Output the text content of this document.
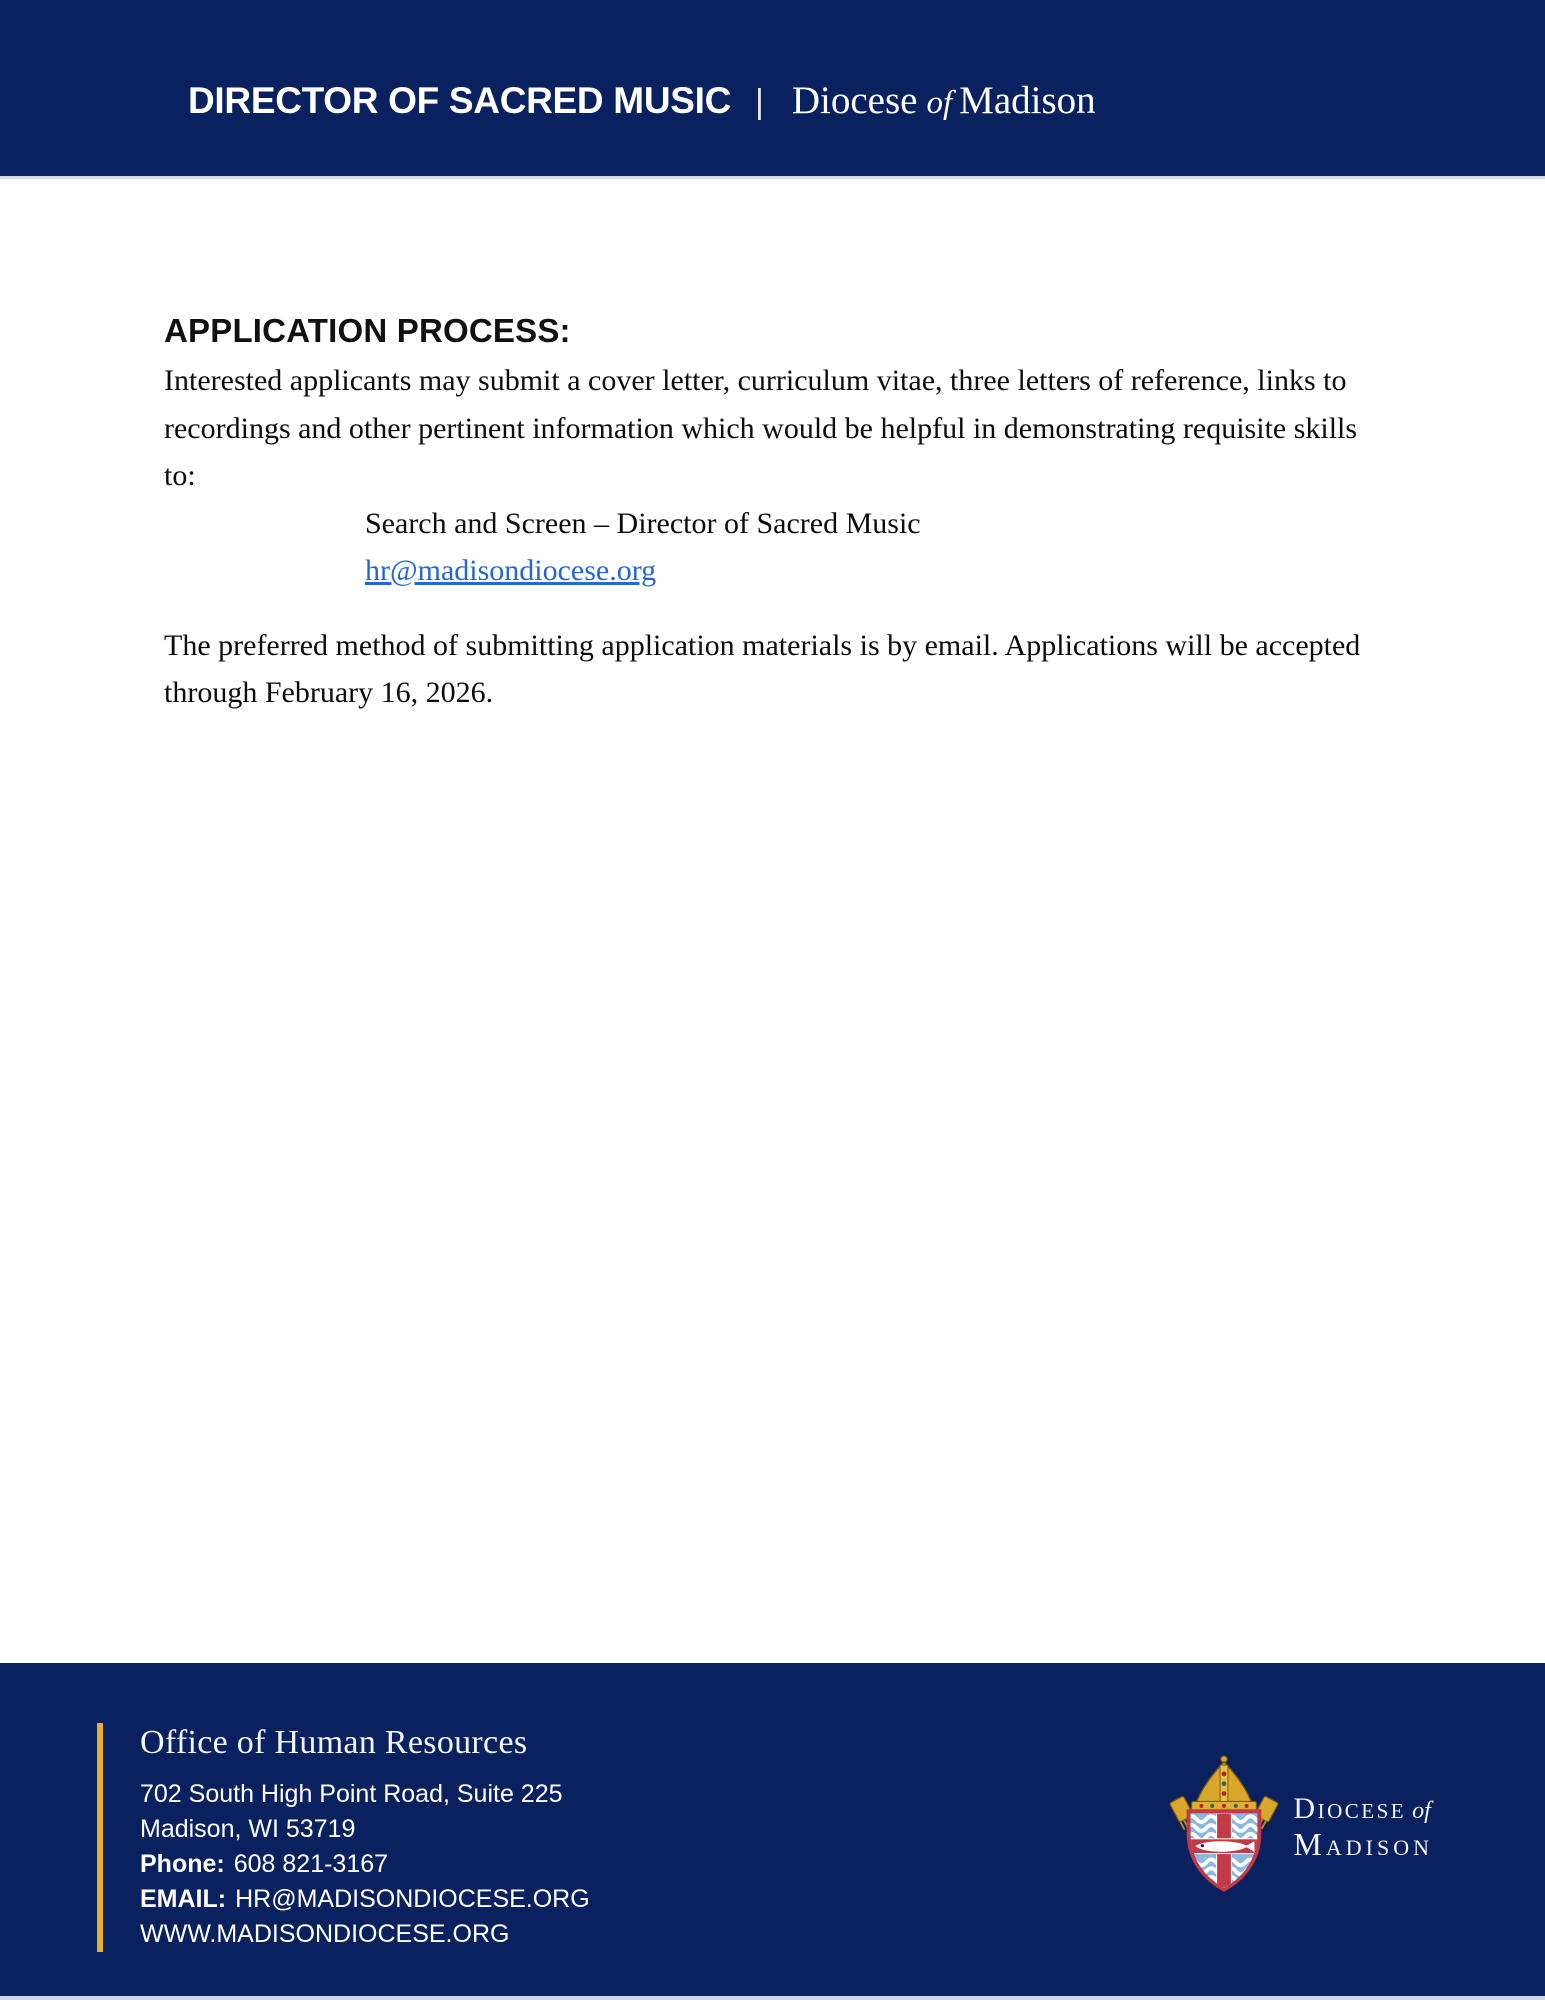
DIRECTOR OF SACRED MUSIC | Diocese of Madison
APPLICATION PROCESS:

Interested applicants may submit a cover letter, curriculum vitae, three letters of reference, links to recordings and other pertinent information which would be helpful in demonstrating requisite skills to:

Search and Screen – Director of Sacred Music
hr@madisondiocese.org

The preferred method of submitting application materials is by email. Applications will be accepted through February 16, 2026.

Office of Human Resources
702 South High Point Road, Suite 225
Madison, WI 53719
Phone: 608 821-3167
EMAIL: HR@MADISONDIOCESE.ORG
WWW.MADISONDIOCESE.ORG
Diocese of
Madison
